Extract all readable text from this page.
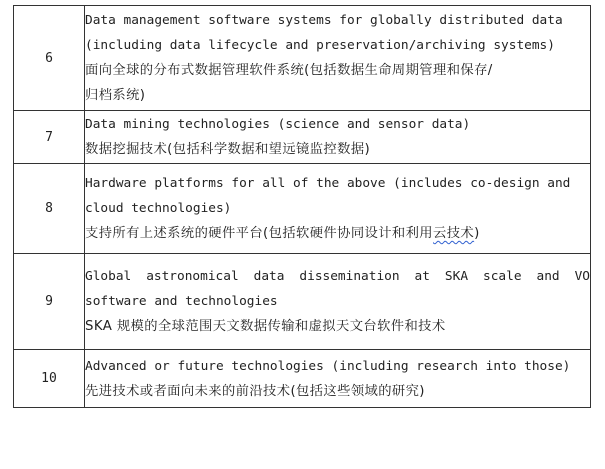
6	Data management software systems for globally distributed data
(including data lifecycle and preservation/archiving systems)
面向全球的分布式数据管理软件系统(包括数据生命周期管理和保存/
归档系统)

7	Data mining technologies (science and sensor data)
数据挖掘技术(包括科学数据和望远镜监控数据)

8	Hardware platforms for all of the above (includes co-design and
cloud technologies)
支持所有上述系统的硬件平台(包括软硬件协同设计和利用云技术)

9	Global astronomical data dissemination at SKA scale and VO
software and technologies
SKA 规模的全球范围天文数据传输和虚拟天文台软件和技术

10	Advanced or future technologies (including research into those)
先进技术或者面向未来的前沿技术(包括这些领域的研究)
